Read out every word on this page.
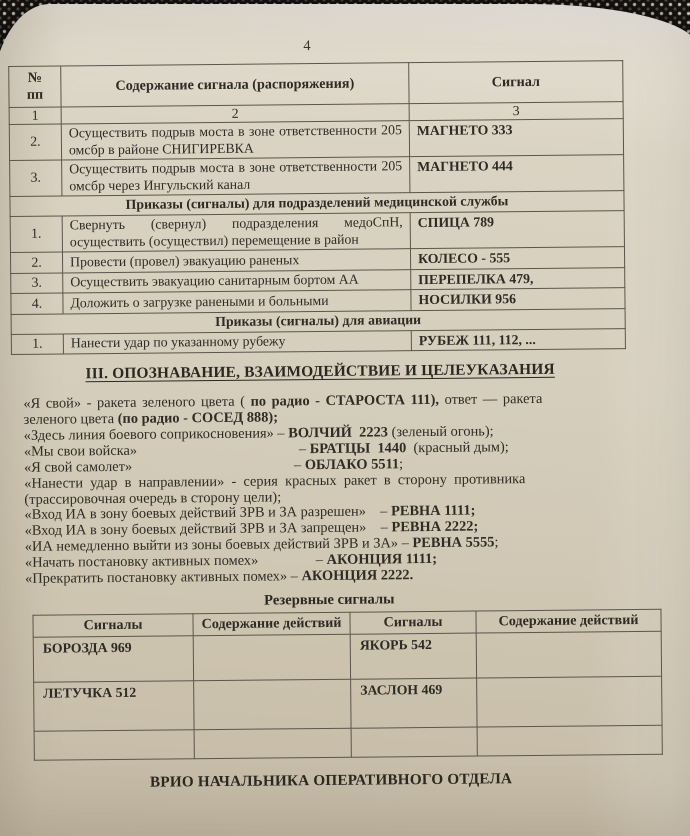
4
№
пп	Содержание сигнала (распоряжения)	Сигнал
1	2	3
2.	Осуществить подрыв моста в зоне ответственности 205 омсбр в районе СНИГИРЕВКА	МАГНЕТО 333
3.	Осуществить подрыв моста в зоне ответственности 205 омсбр через Ингульский канал	МАГНЕТО 444
Приказы (сигналы) для подразделений медицинской службы		
1.	Свернуть (свернул) подразделения медоСпН, осуществить (осуществил) перемещение в район	СПИЦА 789
2.	Провести (провел) эвакуацию раненых	КОЛЕСО - 555
3.	Осуществить эвакуацию санитарным бортом АА	ПЕРЕПЕЛКА 479,
4.	Доложить о загрузке ранеными и больными	НОСИЛКИ 956
Приказы (сигналы) для авиации		
1.	Нанести удар по указанному рубежу	РУБЕЖ 111, 112, ...
III. ОПОЗНАВАНИЕ, ВЗАИМОДЕЙСТВИЕ И ЦЕЛЕУКАЗАНИЯ
«Я свой» - ракета зеленого цвета ( по радио - СТАРОСТА 111), ответ — ракета
зеленого цвета (по радио - СОСЕД 888);
«Здесь линия боевого соприкосновения» – ВОЛЧИЙ  2223 (зеленый огонь);
«Мы свои войска»                                             – БРАТЦЫ  1440  (красный дым);
«Я свой самолет»                                             – ОБЛАКО 5511;
«Нанести удар в направлении» - серия красных ракет в сторону противника
(трассировочная очередь в сторону цели);
«Вход ИА в зону боевых действий ЗРВ и ЗА разрешен»    – РЕВНА 1111;
«Вход ИА в зону боевых действий ЗРВ и ЗА запрещен»    – РЕВНА 2222;
«ИА немедленно выйти из зоны боевых действий ЗРВ и ЗА» – РЕВНА 5555;
«Начать постановку активных помех»                – АКОНЦИЯ 1111;
«Прекратить постановку активных помех» – АКОНЦИЯ 2222.
Резервные сигналы
Сигналы	Содержание действий	Сигналы	Содержание действий
БОРОЗДА 969		ЯКОРЬ 542	
ЛЕТУЧКА 512		ЗАСЛОН 469	

ВРИО НАЧАЛЬНИКА ОПЕРАТИВНОГО ОТДЕЛА
